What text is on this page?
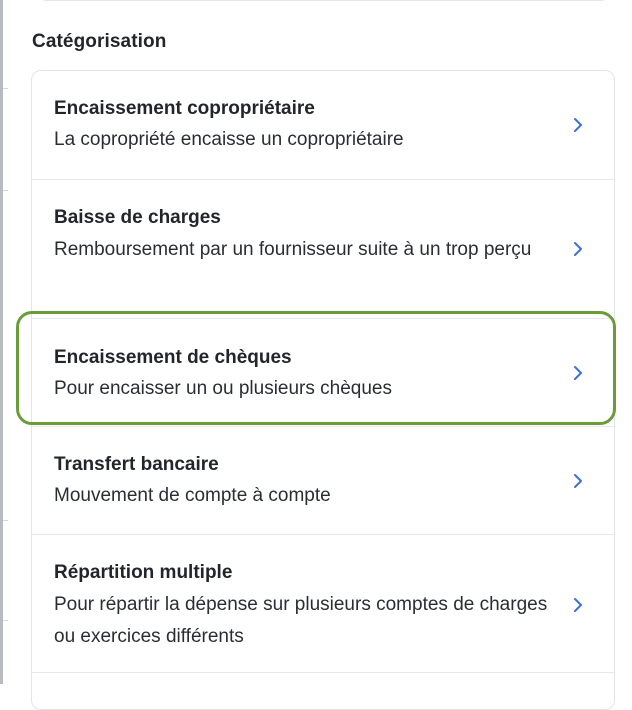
Catégorisation
Encaissement copropriétaire
La copropriété encaisse un copropriétaire
Baisse de charges
Remboursement par un fournisseur suite à un trop perçu
Encaissement de chèques
Pour encaisser un ou plusieurs chèques
Transfert bancaire
Mouvement de compte à compte
Répartition multiple
Pour répartir la dépense sur plusieurs comptes de charges ou exercices différents
